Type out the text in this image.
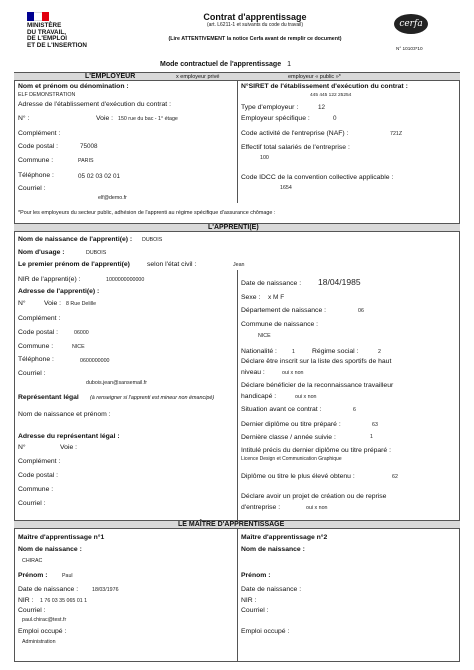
MINISTÈRE
DU TRAVAIL,
DE L'EMPLOI
ET DE L'INSERTION
Contrat d'apprentissage
(art. L6211-1 et suivants du code du travail)
(Lire ATTENTIVEMENT la notice Cerfa avant de remplir ce document)
cerfa
N° 10103*10
Mode contractuel de l'apprentissage 1
L'EMPLOYEUR	x employeur privé	employeur « public »*
Nom et prénom ou dénomination :
ELF DEMONSTRATION
Adresse de l'établissement d'exécution du contrat :
N° :	Voie : 150 rue du bac - 1° étage
Complément :
Code postal :	75008
Commune :	PARIS
Téléphone :	05 02 03 02 01
Courriel :
elf@demo.fr
N°SIRET de l'établissement d'exécution du contrat :
445 445 122 25254
Type d'employeur :	12
Employeur spécifique :	0
Code activité de l'entreprise (NAF) :	721Z
Effectif total salariés de l'entreprise :
100
Code IDCC de la convention collective applicable :
1654
*Pour les employeurs du secteur public, adhésion de l'apprenti au régime spécifique d'assurance chômage :
L'APPRENTI(E)
Nom de naissance de l'apprenti(e) : DUBOIS
Nom d'usage :	DUBOIS
Le premier prénom de l'apprenti(e)	selon l'état civil :	Jean
NIR de l'apprenti(e) :	1000000000000
Adresse de l'apprenti(e) :
N°	Voie : 8 Rue Delille
Complément :
Code postal :	06000
Commune :	NICE
Téléphone :	0600000000
Courriel :
dubois.jean@sansemail.fr
Représentant légal (à renseigner si l'apprenti est mineur non émancipé)
Nom de naissance et prénom :
Adresse du représentant légal :
N°	Voie :
Complément :
Code postal :
Commune :
Courriel :
Date de naissance : 18/04/1985
Sexe : x M F
Département de naissance :	06
Commune de naissance :
NICE
Nationalité :	1	Régime social :	2
Déclare être inscrit sur la liste des sportifs de haut
niveau :	oui x non
Déclare bénéficier de la reconnaissance travailleur
handicapé :	oui x non
Situation avant ce contrat :	6
Dernier diplôme ou titre préparé :	63
Dernière classe / année suivie :	1
Intitulé précis du dernier diplôme ou titre préparé :
Licence Design et Communication Graphique
Diplôme ou titre le plus élevé obtenu :	62
Déclare avoir un projet de création ou de reprise
d'entreprise :	oui x non
LE MAÎTRE D'APPRENTISSAGE
Maître d'apprentissage n°1
Nom de naissance :
CHIRAC
Prénom :	Paul
Date de naissance :	18/03/1976
NIR : 1 76 03 35 065 01 1
Courriel :
paul.chirac@test.fr
Emploi occupé :
Administration
Maître d'apprentissage n°2
Nom de naissance :
Prénom :
Date de naissance :
NIR :
Courriel :
Emploi occupé :
